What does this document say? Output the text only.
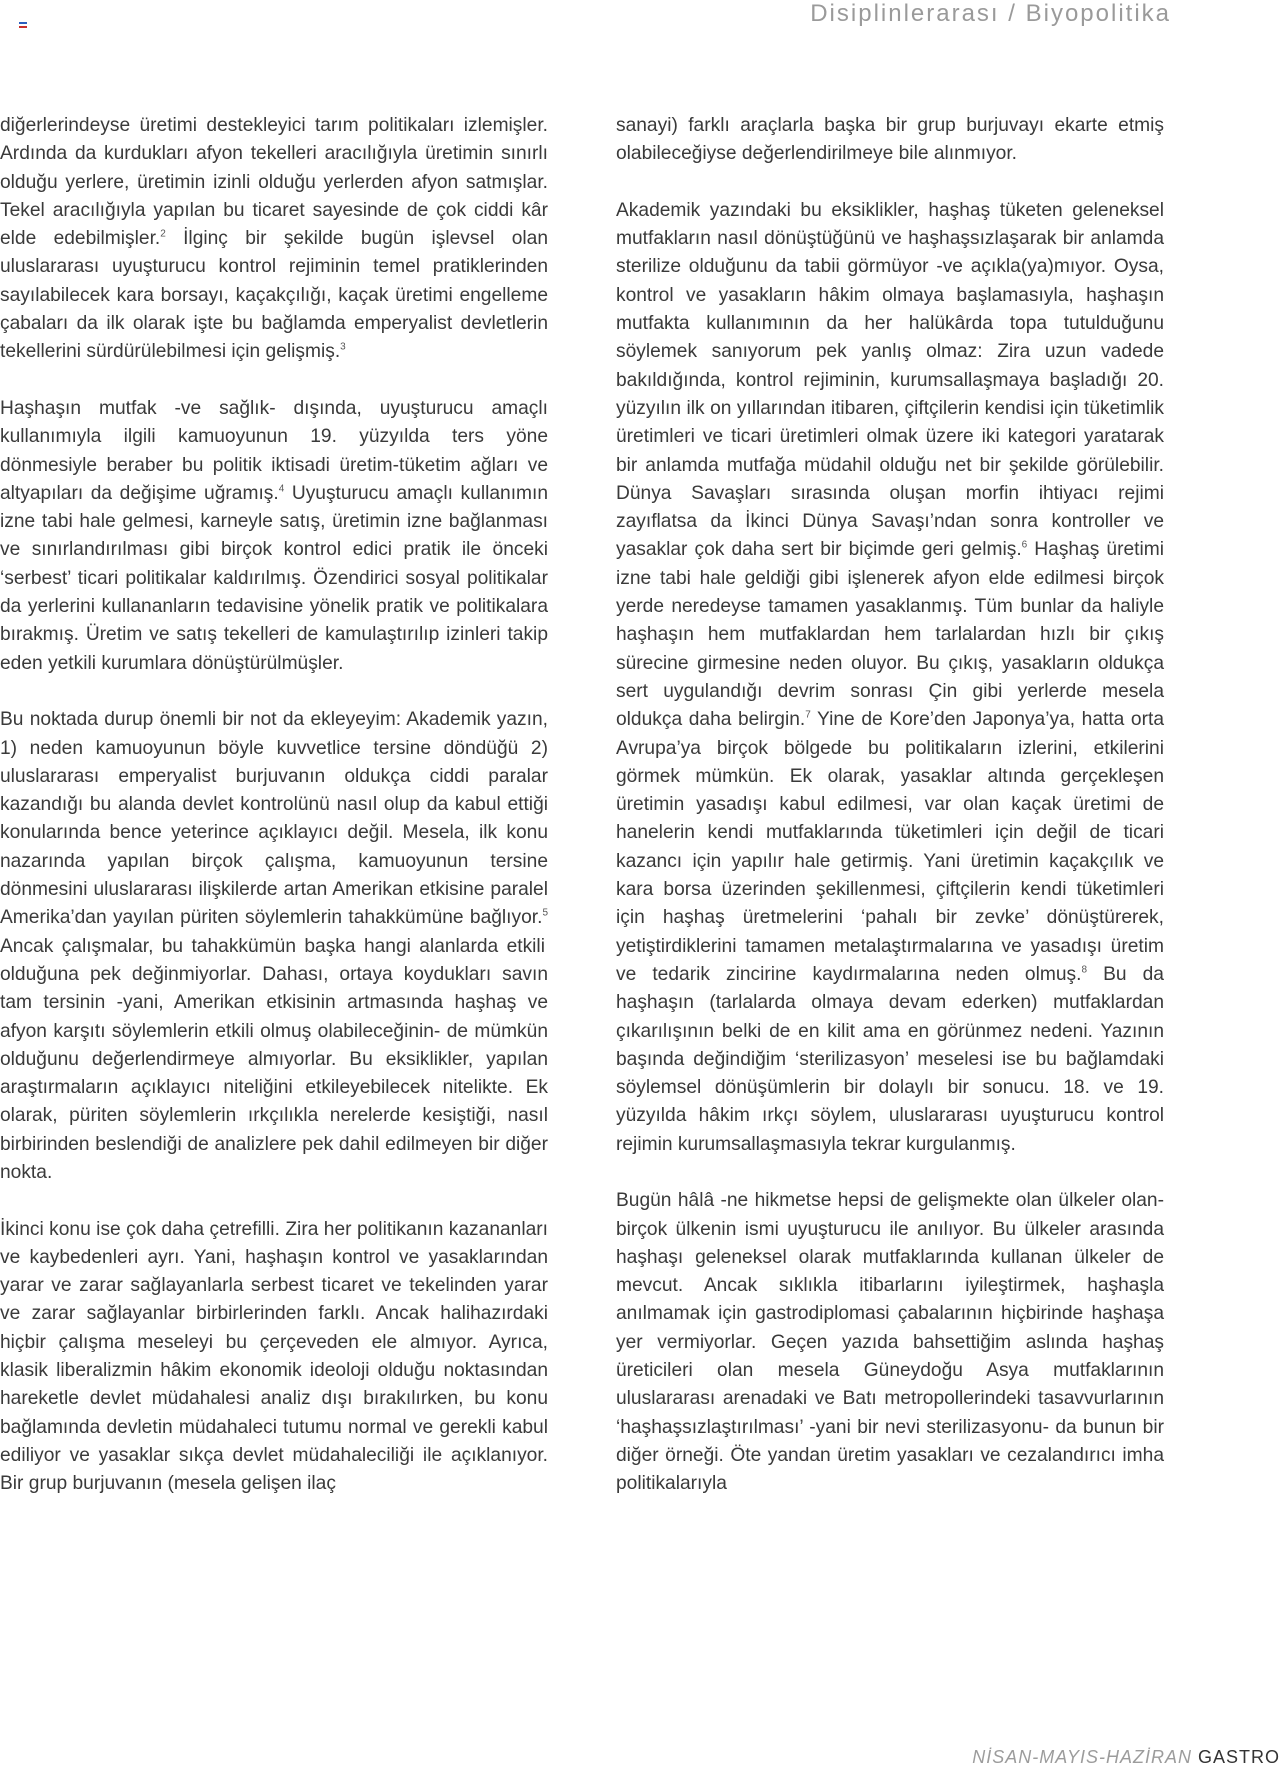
Disiplinlerarası / Biyopolitika

diğerlerindeyse üretimi destekleyici tarım politikaları izlemişler. Ardında da kurdukları afyon tekelleri aracılığıyla üretimin sınırlı olduğu yerlere, üretimin izinli olduğu yerlerden afyon satmışlar. Tekel aracılığıyla yapılan bu ticaret sayesinde de çok ciddi kâr elde edebilmişler.$^2$ İlginç bir şekilde bugün işlevsel olan uluslararası uyuşturucu kontrol rejiminin temel pratiklerinden sayılabilecek kara borsayı, kaçakçılığı, kaçak üretimi engelleme çabaları da ilk olarak işte bu bağlamda emperyalist devletlerin tekellerini sürdürülebilmesi için gelişmiş.$^3$

Haşhaşın mutfak -ve sağlık- dışında, uyuşturucu amaçlı kullanımıyla ilgili kamuoyunun 19. yüzyılda ters yöne dönmesiyle beraber bu politik iktisadi üretim-tüketim ağları ve altyapıları da değişime uğramış.$^4$ Uyuşturucu amaçlı kullanımın izne tabi hale gelmesi, karneyle satış, üretimin izne bağlanması ve sınırlandırılması gibi birçok kontrol edici pratik ile önceki ‘serbest’ ticari politikalar kaldırılmış. Özendirici sosyal politikalar da yerlerini kullananların tedavisine yönelik pratik ve politikalara bırakmış. Üretim ve satış tekelleri de kamulaştırılıp izinleri takip eden yetkili kurumlara dönüştürülmüşler.

Bu noktada durup önemli bir not da ekleyeyim: Akademik yazın, 1) neden kamuoyunun böyle kuvvetlice tersine döndüğü 2) uluslararası emperyalist burjuvanın oldukça ciddi paralar kazandığı bu alanda devlet kontrolünü nasıl olup da kabul ettiği konularında bence yeterince açıklayıcı değil. Mesela, ilk konu nazarında yapılan birçok çalışma, kamuoyunun tersine dönmesini uluslararası ilişkilerde artan Amerikan etkisine paralel Amerika’dan yayılan püriten söylemlerin tahakkümüne bağlıyor.$^5$ Ancak çalışmalar, bu tahakkümün başka hangi alanlarda etkili olduğuna pek değinmiyorlar. Dahası, ortaya koydukları savın tam tersinin -yani, Amerikan etkisinin artmasında haşhaş ve afyon karşıtı söylemlerin etkili olmuş olabileceğinin- de mümkün olduğunu değerlendirmeye almıyorlar. Bu eksiklikler, yapılan araştırmaların açıklayıcı niteliğini etkileyebilecek nitelikte. Ek olarak, püriten söylemlerin ırkçılıkla nerelerde kesiştiği, nasıl birbirinden beslendiği de analizlere pek dahil edilmeyen bir diğer nokta.

İkinci konu ise çok daha çetrefilli. Zira her politikanın kazananları ve kaybedenleri ayrı. Yani, haşhaşın kontrol ve yasaklarından yarar ve zarar sağlayanlarla serbest ticaret ve tekelinden yarar ve zarar sağlayanlar birbirlerinden farklı. Ancak halihazırdaki hiçbir çalışma meseleyi bu çerçeveden ele almıyor. Ayrıca, klasik liberalizmin hâkim ekonomik ideoloji olduğu noktasından hareketle devlet müdahalesi analiz dışı bırakılırken, bu konu bağlamında devletin müdahaleci tutumu normal ve gerekli kabul ediliyor ve yasaklar sıkça devlet müdahaleciliği ile açıklanıyor. Bir grup burjuvanın (mesela gelişen ilaç

sanayi) farklı araçlarla başka bir grup burjuvayı ekarte etmiş olabileceğiyse değerlendirilmeye bile alınmıyor.

Akademik yazındaki bu eksiklikler, haşhaş tüketen geleneksel mutfakların nasıl dönüştüğünü ve haşhaşsızlaşarak bir anlamda sterilize olduğunu da tabii görmüyor -ve açıkla(ya)mıyor. Oysa, kontrol ve yasakların hâkim olmaya başlamasıyla, haşhaşın mutfakta kullanımının da her halükârda topa tutulduğunu söylemek sanıyorum pek yanlış olmaz: Zira uzun vadede bakıldığında, kontrol rejiminin, kurumsallaşmaya başladığı 20. yüzyılın ilk on yıllarından itibaren, çiftçilerin kendisi için tüketimlik üretimleri ve ticari üretimleri olmak üzere iki kategori yaratarak bir anlamda mutfağa müdahil olduğu net bir şekilde görülebilir. Dünya Savaşları sırasında oluşan morfin ihtiyacı rejimi zayıflatsa da İkinci Dünya Savaşı’ndan sonra kontroller ve yasaklar çok daha sert bir biçimde geri gelmiş.$^6$ Haşhaş üretimi izne tabi hale geldiği gibi işlenerek afyon elde edilmesi birçok yerde neredeyse tamamen yasaklanmış. Tüm bunlar da haliyle haşhaşın hem mutfaklardan hem tarlalardan hızlı bir çıkış sürecine girmesine neden oluyor. Bu çıkış, yasakların oldukça sert uygulandığı devrim sonrası Çin gibi yerlerde mesela oldukça daha belirgin.$^7$ Yine de Kore’den Japonya’ya, hatta orta Avrupa’ya birçok bölgede bu politikaların izlerini, etkilerini görmek mümkün. Ek olarak, yasaklar altında gerçekleşen üretimin yasadışı kabul edilmesi, var olan kaçak üretimi de hanelerin kendi mutfaklarında tüketimleri için değil de ticari kazancı için yapılır hale getirmiş. Yani üretimin kaçakçılık ve kara borsa üzerinden şekillenmesi, çiftçilerin kendi tüketimleri için haşhaş üretmelerini ‘pahalı bir zevke’ dönüştürerek, yetiştirdiklerini tamamen metalaştırmalarına ve yasadışı üretim ve tedarik zincirine kaydırmalarına neden olmuş.$^8$ Bu da haşhaşın (tarlalarda olmaya devam ederken) mutfaklardan çıkarılışının belki de en kilit ama en görünmez nedeni. Yazının başında değindiğim ‘sterilizasyon’ meselesi ise bu bağlamdaki söylemsel dönüşümlerin bir dolaylı bir sonucu. 18. ve 19. yüzyılda hâkim ırkçı söylem, uluslararası uyuşturucu kontrol rejimin kurumsallaşmasıyla tekrar kurgulanmış.

Bugün hâlâ -ne hikmetse hepsi de gelişmekte olan ülkeler olan- birçok ülkenin ismi uyuşturucu ile anılıyor. Bu ülkeler arasında haşhaşı geleneksel olarak mutfaklarında kullanan ülkeler de mevcut. Ancak sıklıkla itibarlarını iyileştirmek, haşhaşla anılmamak için gastrodiplomasi çabalarının hiçbirinde haşhaşa yer vermiyorlar. Geçen yazıda bahsettiğim aslında haşhaş üreticileri olan mesela Güneydoğu Asya mutfaklarının uluslararası arenadaki ve Batı metropollerindeki tasavvurlarının ‘haşhaşsızlaştırılması’ -yani bir nevi sterilizasyonu- da bunun bir diğer örneği. Öte yandan üretim yasakları ve cezalandırıcı imha politikalarıyla

NİSAN-MAYIS-HAZİRAN GASTRO
